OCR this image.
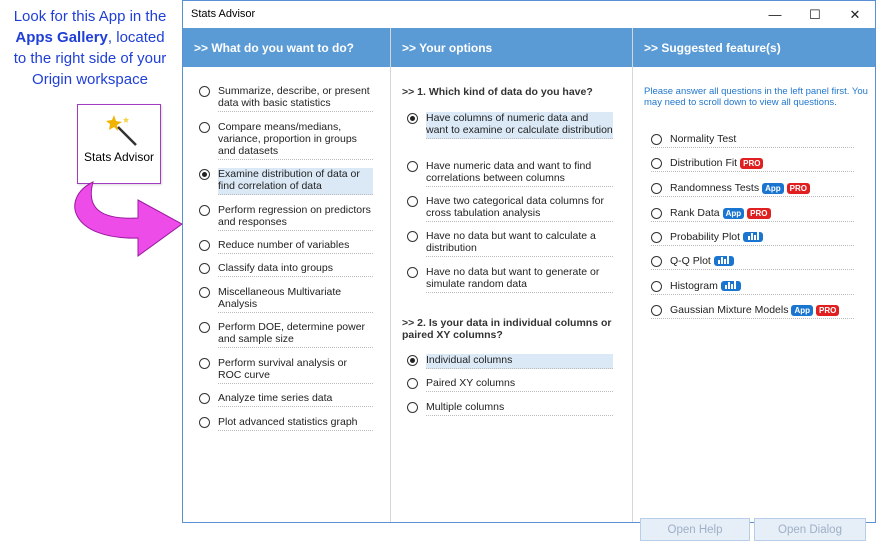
Look for this App in the
Apps Gallery, located
to the right side of your
Origin workspace
Stats Advisor
Stats Advisor	—	☐	✕
>> What do you want to do?
Summarize, describe, or present data with basic statistics
Compare means/medians, variance, proportion in groups and datasets
Examine distribution of data or find correlation of data
Perform regression on predictors and responses
Reduce number of variables
Classify data into groups
Miscellaneous Multivariate Analysis
Perform DOE, determine power and sample size
Perform survival analysis or ROC curve
Analyze time series data
Plot advanced statistics graph
>> Your options
>> 1. Which kind of data do you have?
Have columns of numeric data and want to examine or calculate distribution
Have numeric data and want to find correlations between columns
Have two categorical data columns for cross tabulation analysis
Have no data but want to calculate a distribution
Have no data but want to generate or simulate random data
>> 2. Is your data in individual columns or paired XY columns?
Individual columns
Paired XY columns
Multiple columns
>> Suggested feature(s)
Please answer all questions in the left panel first. You may need to scroll down to view all questions.
Normality Test
Distribution Fit PRO
Randomness Tests App	PRO
Rank Data App	PRO
Probability Plot
Q-Q Plot
Histogram
Gaussian Mixture Models App	PRO
Open Help	Open Dialog
